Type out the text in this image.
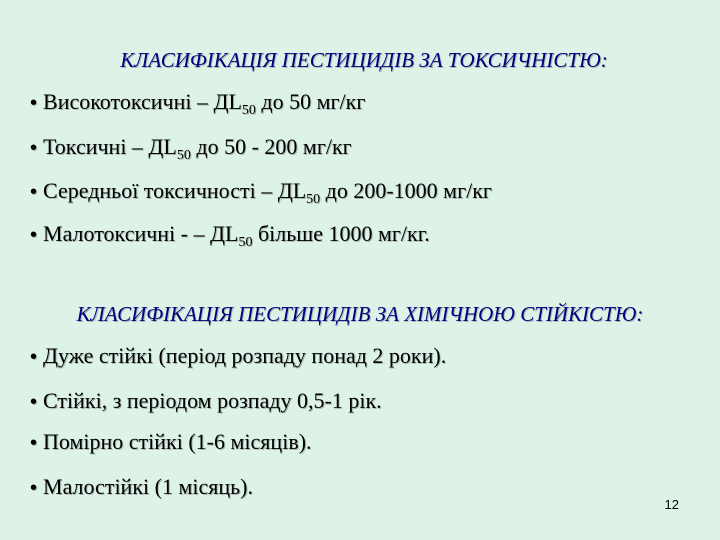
КЛАСИФІКАЦІЯ ПЕСТИЦИДІВ ЗА ТОКСИЧНІСТЮ:
• Високотоксичні – $ДL_{50}$ до 50 мг/кг
• Токсичні – $ДL_{50}$ до 50 - 200 мг/кг
• Середньої токсичності – $ДL_{50}$ до 200-1000 мг/кг
• Малотоксичні - – $ДL_{50}$ більше 1000 мг/кг.
КЛАСИФІКАЦІЯ ПЕСТИЦИДІВ ЗА ХІМІЧНОЮ СТІЙКІСТЮ:
• Дуже стійкі (період розпаду понад 2 роки).
• Стійкі, з періодом розпаду 0,5-1 рік.
• Помірно стійкі (1-6 місяців).
• Малостійкі (1 місяць).
12
